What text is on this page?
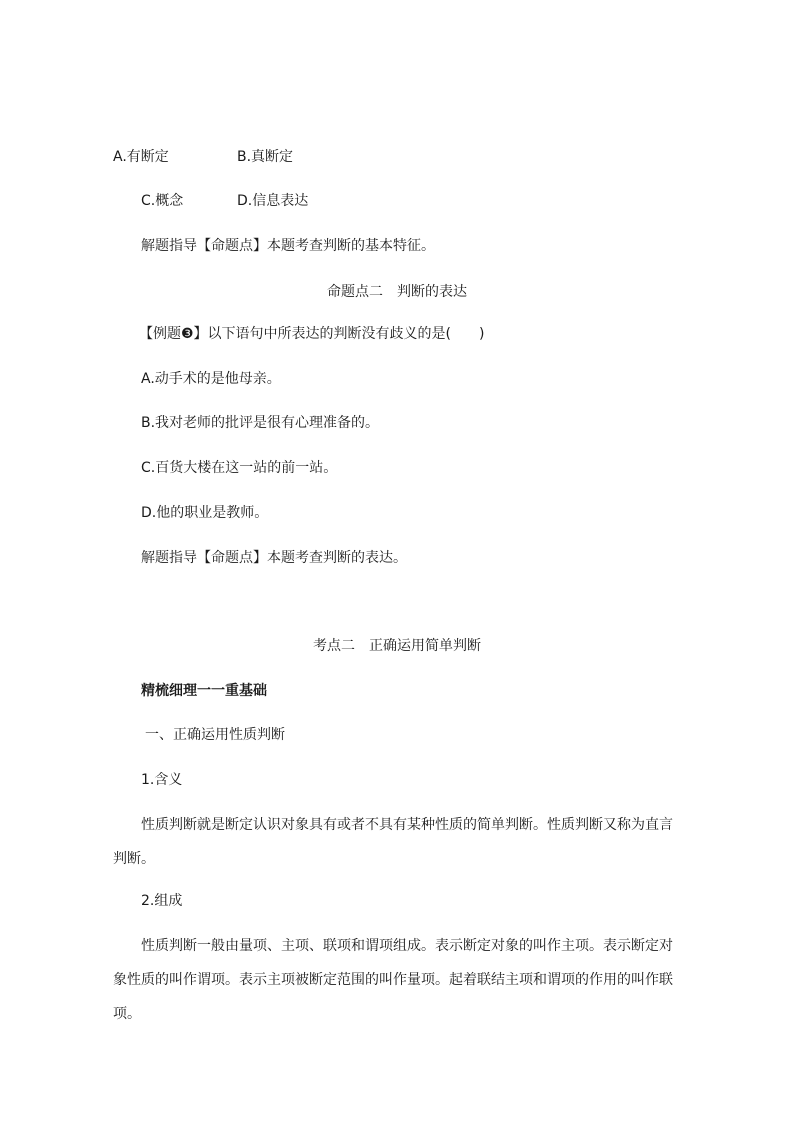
A.有断定	B.真断定
C.概念	D.信息表达
解题指导【命题点】本题考查判断的基本特征。
命题点二　判断的表达
【例题❸】以下语句中所表达的判断没有歧义的是(　　)
A.动手术的是他母亲。
B.我对老师的批评是很有心理准备的。
C.百货大楼在这一站的前一站。
D.他的职业是教师。
解题指导【命题点】本题考查判断的表达。
考点二　正确运用简单判断
精梳细理一一重基础
一、正确运用性质判断
1.含义
性质判断就是断定认识对象具有或者不具有某种性质的简单判断。性质判断又称为直言判断。
2.组成
性质判断一般由量项、主项、联项和谓项组成。表示断定对象的叫作主项。表示断定对象性质的叫作谓项。表示主项被断定范围的叫作量项。起着联结主项和谓项的作用的叫作联项。
